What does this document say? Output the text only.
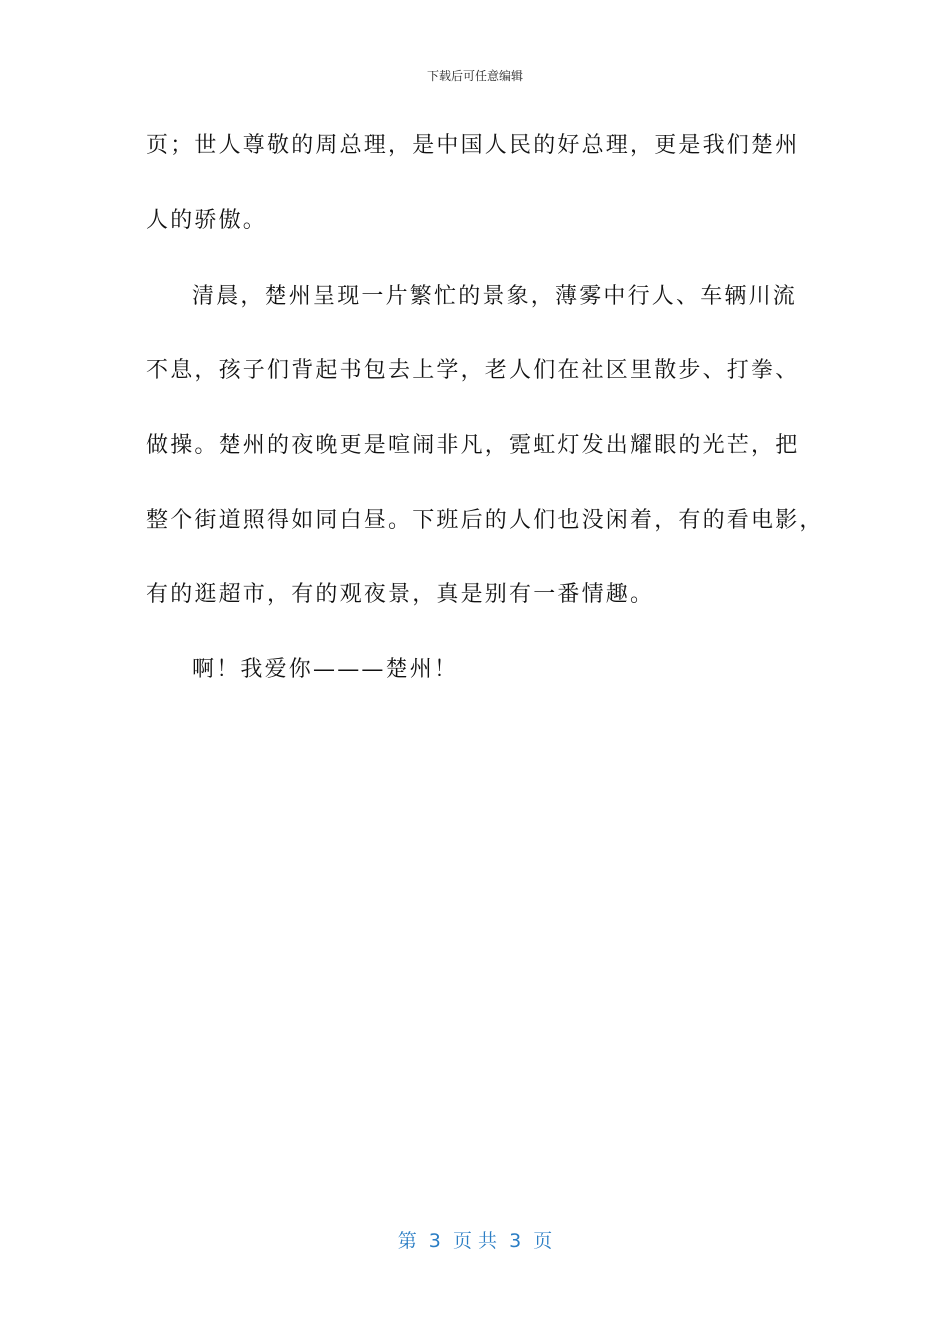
下载后可任意编辑
页；世人尊敬的周总理，是中国人民的好总理，更是我们楚州
人的骄傲。
清晨，楚州呈现一片繁忙的景象，薄雾中行人、车辆川流
不息，孩子们背起书包去上学，老人们在社区里散步、打拳、
做操。楚州的夜晚更是喧闹非凡，霓虹灯发出耀眼的光芒，把
整个街道照得如同白昼。下班后的人们也没闲着，有的看电影，
有的逛超市，有的观夜景，真是别有一番情趣。
啊！我爱你———楚州！
第  3  页 共  3  页
